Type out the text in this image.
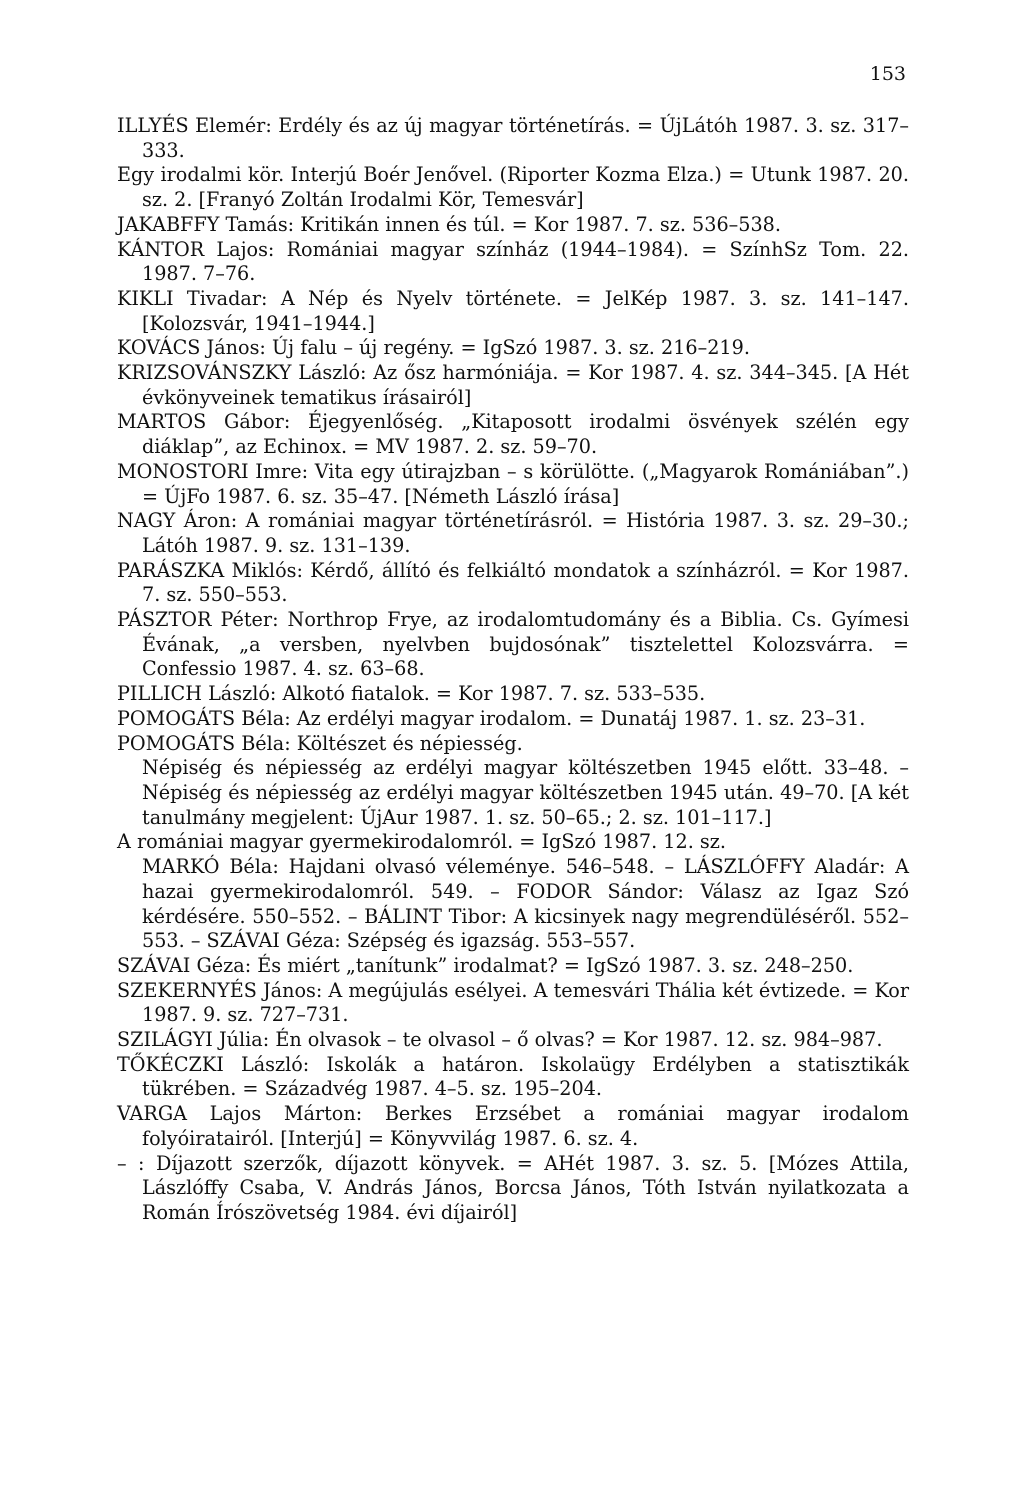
153

ILLYÉS Elemér: Erdély és az új magyar történetírás. = ÚjLátóh 1987. 3. sz. 317–333.

Egy irodalmi kör. Interjú Boér Jenővel. (Riporter Kozma Elza.) = Utunk 1987. 20. sz. 2. [Franyó Zoltán Irodalmi Kör, Temesvár]

JAKABFFY Tamás: Kritikán innen és túl. = Kor 1987. 7. sz. 536–538.

KÁNTOR Lajos: Romániai magyar színház (1944–1984). = SzínhSz Tom. 22. 1987. 7–76.

KIKLI Tivadar: A Nép és Nyelv története. = JelKép 1987. 3. sz. 141–147. [Kolozsvár, 1941–1944.]

KOVÁCS János: Új falu – új regény. = IgSzó 1987. 3. sz. 216–219.

KRIZSOVÁNSZKY László: Az ősz harmóniája. = Kor 1987. 4. sz. 344–345. [A Hét évkönyveinek tematikus írásairól]

MARTOS Gábor: Éjegyenlőség. „Kitaposott irodalmi ösvények szélén egy diáklap”, az Echinox. = MV 1987. 2. sz. 59–70.

MONOSTORI Imre: Vita egy útirajzban – s körülötte. („Magyarok Romániában”.) = ÚjFo 1987. 6. sz. 35–47. [Németh László írása]

NAGY Áron: A romániai magyar történetírásról. = História 1987. 3. sz. 29–30.; Látóh 1987. 9. sz. 131–139.

PARÁSZKA Miklós: Kérdő, állító és felkiáltó mondatok a színházról. = Kor 1987. 7. sz. 550–553.

PÁSZTOR Péter: Northrop Frye, az irodalomtudomány és a Biblia. Cs. Gyímesi Évának, „a versben, nyelvben bujdosónak” tisztelettel Kolozsvárra. = Confessio 1987. 4. sz. 63–68.

PILLICH László: Alkotó fiatalok. = Kor 1987. 7. sz. 533–535.

POMOGÁTS Béla: Az erdélyi magyar irodalom. = Dunatáj 1987. 1. sz. 23–31.

POMOGÁTS Béla: Költészet és népiesség.

Népiség és népiesség az erdélyi magyar költészetben 1945 előtt. 33–48. – Népiség és népiesség az erdélyi magyar költészetben 1945 után. 49–70. [A két tanulmány megjelent: ÚjAur 1987. 1. sz. 50–65.; 2. sz. 101–117.]

A romániai magyar gyermekirodalomról. = IgSzó 1987. 12. sz.

MARKÓ Béla: Hajdani olvasó véleménye. 546–548. – LÁSZLÓFFY Aladár: A hazai gyermekirodalomról. 549. – FODOR Sándor: Válasz az Igaz Szó kérdésére. 550–552. – BÁLINT Tibor: A kicsinyek nagy megrendüléséről. 552–553. – SZÁVAI Géza: Szépség és igazság. 553–557.

SZÁVAI Géza: És miért „tanítunk” irodalmat? = IgSzó 1987. 3. sz. 248–250.

SZEKERNYÉS János: A megújulás esélyei. A temesvári Thália két évtizede. = Kor 1987. 9. sz. 727–731.

SZILÁGYI Júlia: Én olvasok – te olvasol – ő olvas? = Kor 1987. 12. sz. 984–987.

TŐKÉCZKI László: Iskolák a határon. Iskolaügy Erdélyben a statisztikák tükrében. = Századvég 1987. 4–5. sz. 195–204.

VARGA Lajos Márton: Berkes Erzsébet a romániai magyar irodalom folyóiratairól. [Interjú] = Könyvvilág 1987. 6. sz. 4.

– : Díjazott szerzők, díjazott könyvek. = AHét 1987. 3. sz. 5. [Mózes Attila, Lászlóffy Csaba, V. András János, Borcsa János, Tóth István nyilatkozata a Román Írószövetség 1984. évi díjairól]
